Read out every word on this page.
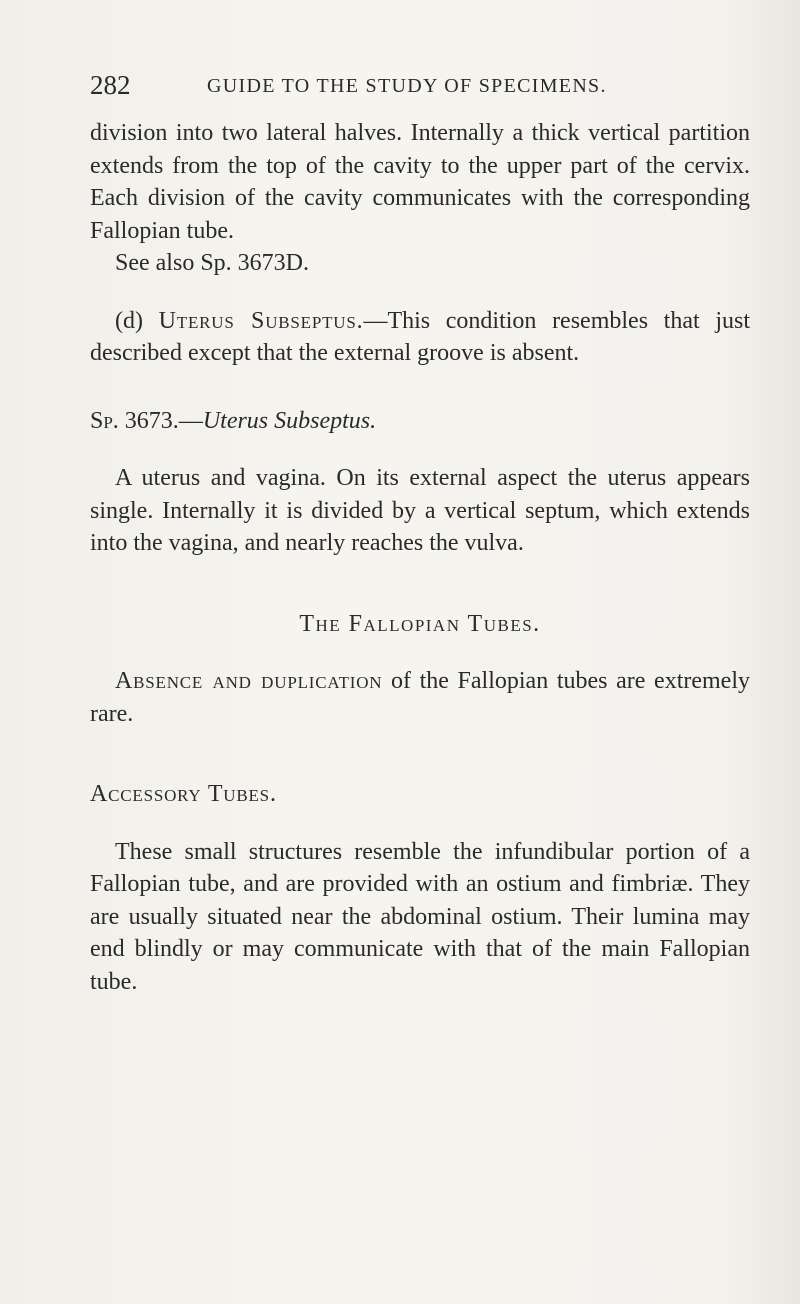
282	GUIDE TO THE STUDY OF SPECIMENS.

division into two lateral halves. Internally a thick vertical partition extends from the top of the cavity to the upper part of the cervix. Each division of the cavity communicates with the corresponding Fallopian tube.

See also Sp. 3673D.

(d) Uterus Subseptus.—This condition resembles that just described except that the external groove is absent.

Sp. 3673.—Uterus Subseptus.

A uterus and vagina. On its external aspect the uterus appears single. Internally it is divided by a vertical septum, which extends into the vagina, and nearly reaches the vulva.

The Fallopian Tubes.

Absence and duplication of the Fallopian tubes are extremely rare.

Accessory Tubes.

These small structures resemble the infundibular portion of a Fallopian tube, and are provided with an ostium and fimbriæ. They are usually situated near the abdominal ostium. Their lumina may end blindly or may communicate with that of the main Fallopian tube.
